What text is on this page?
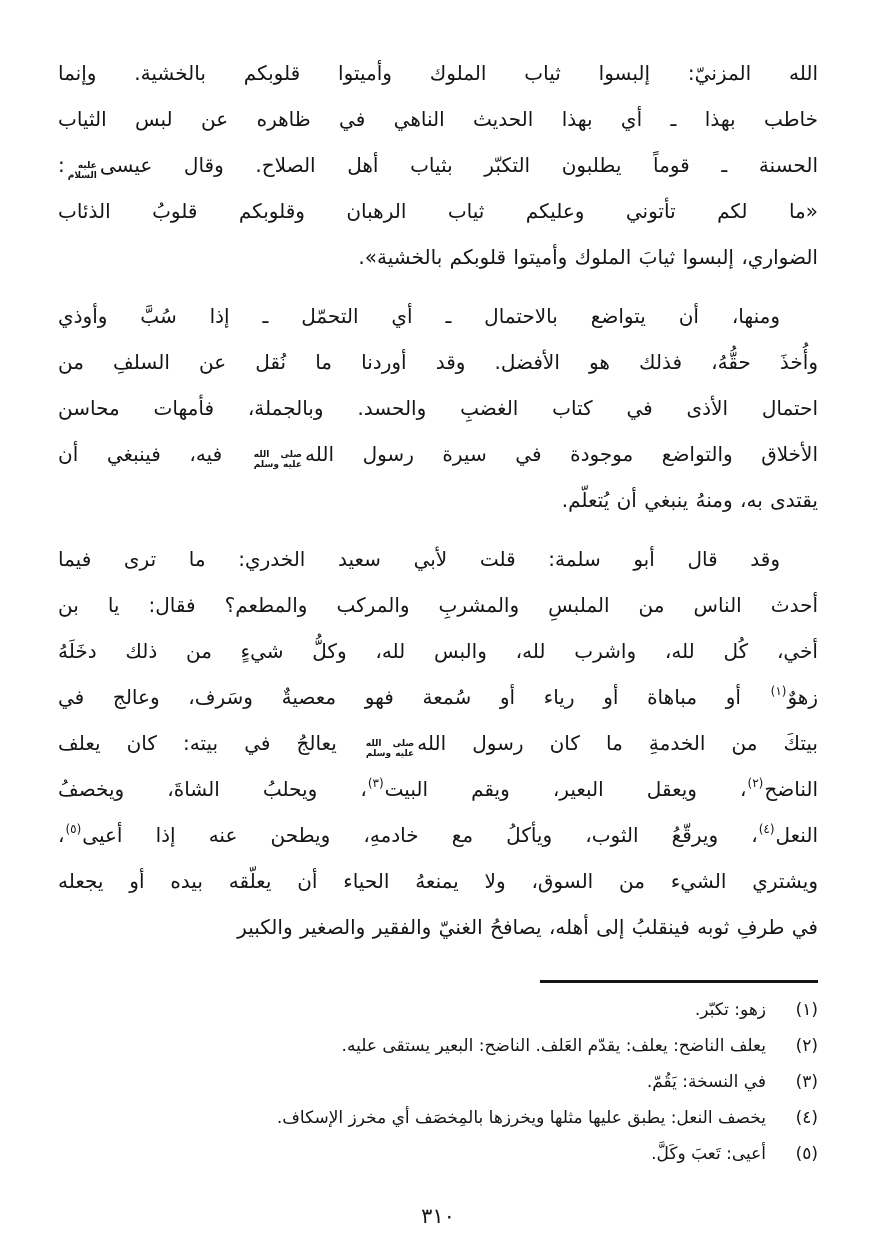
الله المزنيّ: إلبسوا ثياب الملوك وأميتوا قلوبكم بالخشية. وإنما
خاطب بهذا ـ أي بهذا الحديث الناهي في ظاهره عن لبس الثياب
الحسنة ـ قوماً يطلبون التكبّر بثياب أهل الصلاح. وقال عيسى
عليه
السلام
:
«ما لكم تأتوني وعليكم ثياب الرهبان وقلوبكم قلوبُ الذئاب
الضواري، إلبسوا ثيابَ الملوك وأميتوا قلوبكم بالخشية».
ومنها، أن يتواضع بالاحتمال ـ أي التحمّل ـ إذا سُبَّ وأوذي
وأُخذَ حقُّهُ، فذلك هو الأفضل. وقد أوردنا ما نُقل عن السلفِ من
احتمال الأذى في كتاب الغضبِ والحسد. وبالجملة، فأمهات محاسن
الأخلاق والتواضع موجودة في سيرة رسول الله
صلى الله
عليه وسلم
فيه، فينبغي أن
يقتدى به، ومنهُ ينبغي أن يُتعلّم.
وقد قال أبو سلمة: قلت لأبي سعيد الخدري: ما ترى فيما
أحدث الناس من الملبسِ والمشربِ والمركب والمطعم؟ فقال: يا بن
أخي، كُل لله، واشرب لله، والبس لله، وكلُّ شيءٍ من ذلك دخَلَهُ
زهوٌ$^{(١)}$ أو مباهاة أو رياء أو سُمعة فهو معصيةٌ وسَرف، وعالج في
بيتكَ من الخدمةِ ما كان رسول الله
صلى الله
عليه وسلم
يعالجُ في بيته: كان يعلف
الناضح$^{(٢)}$، ويعقل البعير، ويقم البيت$^{(٣)}$، ويحلبُ الشاةَ، ويخصفُ
النعل$^{(٤)}$، ويرقّعُ الثوب، ويأكلُ مع خادمهِ، ويطحن عنه إذا أعيى$^{(٥)}$،
ويشتري الشيء من السوق، ولا يمنعهُ الحياء أن يعلّقه بيده أو يجعله
في طرفِ ثوبه فينقلبُ إلى أهله، يصافحُ الغنيّ والفقير والصغير والكبير
(١)
زهو: تكبّر.
(٢)
يعلف الناضح: يعلف: يقدّم العَلف. الناضح: البعير يستقى عليه.
(٣)
في النسخة: يَقُمّ.
(٤)
يخصف النعل: يطبق عليها مثلها ويخرزها بالمِخصَف أي مخرز الإسكاف.
(٥)
أعيى: تَعبَ وكَلَّ.
٣١٠
